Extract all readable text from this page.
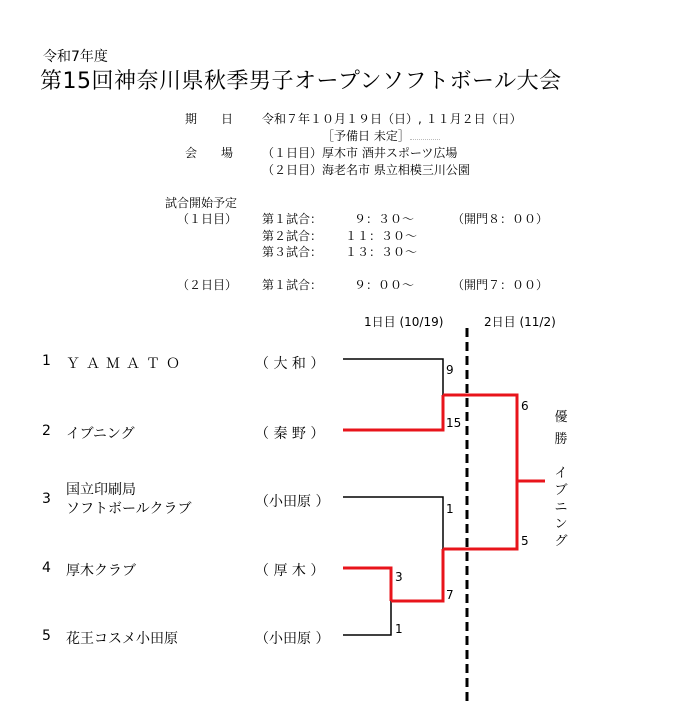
令和7年度
第15回神奈川県秋季男子オープンソフトボール大会
期　　日 令和７年１０月１９日（日）, １１月２日（日）
［予備日 未定］
会　　場 （１日目）厚木市 酒井スポーツ広場
（２日目）海老名市 県立相模三川公園
試合開始予定
（１日目） 第１試合：	９：３０～	（開門８：００）
第２試合： １１：３０～
第３試合： １３：３０～
（２日目） 第１試合：	９：００～	（開門７：００）
1日目 (10/19)	2日目 (11/2)
1 ＹＡＭＡＴＯ	（ 大 和 ）
2 イブニング	（ 秦 野 ）
3
国立印刷局
ソフトボールクラブ	（小田原 ）
4 厚木クラブ	（ 厚 木 ）
5 花王コスメ小田原	（小田原 ）
9
15
3
1
1
7
6
5
優勝
イブニング
